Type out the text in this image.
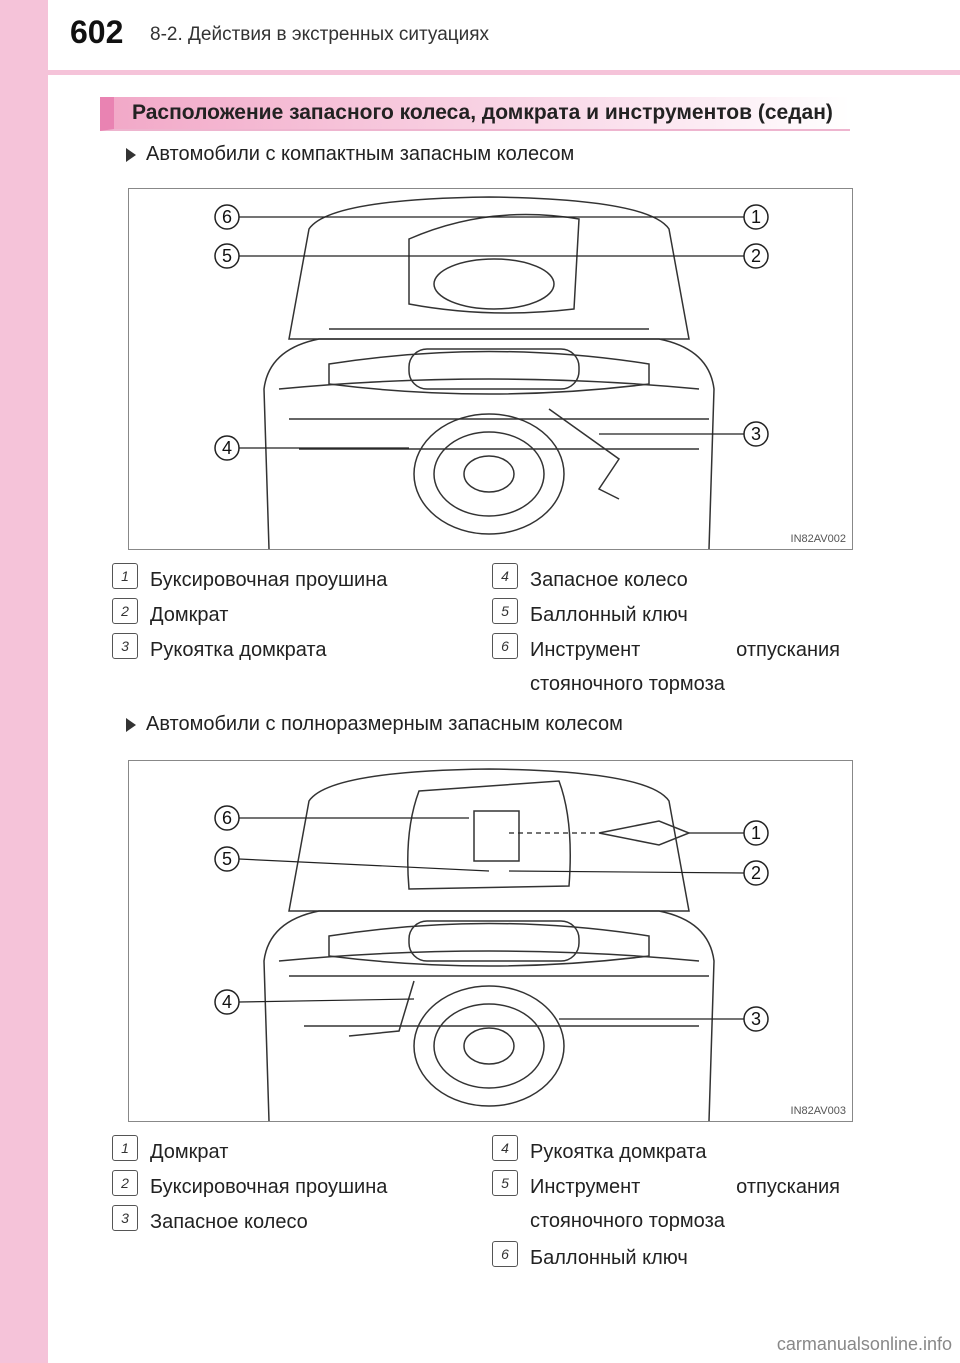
602 8-2. Действия в экстренных ситуациях
Расположение запасного колеса, домкрата и инструментов (седан)
Автомобили с компактным запасным колесом
6	1
5	2
4
3
IN82AV002
1	Буксировочная проушина
2	Домкрат
3	Рукоятка домкрата
4	Запасное колесо
5	Баллонный ключ
6	Инструмент отпускания
стояночного тормоза
Автомобили с полноразмерным запасным колесом
6
1
5
2
4
3
IN82AV003
1	Домкрат
2	Буксировочная проушина
3	Запасное колесо
4	Рукоятка домкрата
5	Инструмент отпускания
стояночного тормоза
6	Баллонный ключ
carmanualsonline.info
